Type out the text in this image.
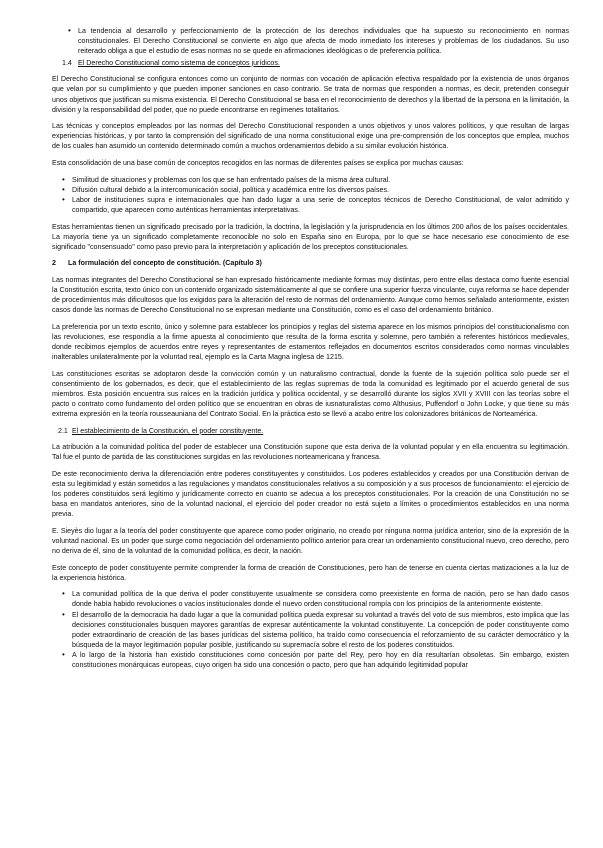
• La tendencia al desarrollo y perfeccionamiento de la protección de los derechos individuales que ha supuesto su reconocimiento en normas constitucionales. El Derecho Constitucional se convierte en algo que afecta de modo inmediato los intereses y problemas de los ciudadanos. Su uso reiterado obliga a que el estudio de esas normas no se quede en afirmaciones ideológicas o de preferencia política.
1.4 El Derecho Constitucional como sistema de conceptos jurídicos.

El Derecho Constitucional se configura entonces como un conjunto de normas con vocación de aplicación efectiva respaldado por la existencia de unos órganos que velan por su cumplimiento y que pueden imponer sanciones en caso contrario. Se trata de normas que responden a normas, es decir, pretenden conseguir unos objetivos que justifican su misma existencia. El Derecho Constitucional se basa en el reconocimiento de derechos y la libertad de la persona en la limitación, la división y la responsabilidad del poder, que no puede encontrarse en regímenes totalitarios.

Las técnicas y conceptos empleados por las normas del Derecho Constitucional responden a unos objetivos y unos valores políticos, y que resultan de largas experiencias históricas, y por tanto la comprensión del significado de una norma constitucional exige una pre-comprensión de los conceptos que emplea, muchos de los cuales han asumido un contenido determinado común a muchos ordenamientos debido a su similar evolución histórica.

Esta consolidación de una base común de conceptos recogidos en las normas de diferentes países se explica por muchas causas:

• Similitud de situaciones y problemas con los que se han enfrentado países de la misma área cultural.
• Difusión cultural debido a la intercomunicación social, política y académica entre los diversos países.
• Labor de instituciones supra e internacionales que han dado lugar a una serie de conceptos técnicos de Derecho Constitucional, de valor admitido y compartido, que aparecen como auténticas herramientas interpretativas.

Estas herramientas tienen un significado precisado por la tradición, la doctrina, la legislación y la jurisprudencia en los últimos 200 años de los países occidentales. La mayoría tiene ya un significado completamente reconocible no solo en España sino en Europa, por lo que se hace necesario ese conocimiento de ese significado "consensuado" como paso previo para la interpretación y aplicación de los preceptos constitucionales.

2 La formulación del concepto de constitución. (Capítulo 3)

Las normas integrantes del Derecho Constitucional se han expresado históricamente mediante formas muy distintas, pero entre ellas destaca como fuente esencial la Constitución escrita, texto único con un contenido organizado sistemáticamente al que se confiere una superior fuerza vinculante, cuya reforma se hace depender de procedimientos más dificultosos que los exigidos para la alteración del resto de normas del ordenamiento. Aunque como hemos señalado anteriormente, existen casos donde las normas de Derecho Constitucional no se expresan mediante una Constitución, como es el caso del ordenamiento británico.

La preferencia por un texto escrito, único y solemne para establecer los principios y reglas del sistema aparece en los mismos principios del constitucionalismo con las revoluciones, ese respondía a la firme apuesta al conocimiento que resulta de la forma escrita y solemne, pero también a referentes históricos medievales, donde recibimos ejemplos de acuerdos entre reyes y representantes de estamentos reflejados en documentos escritos considerados como normas vinculables inalterables unilateralmente por la voluntad real, ejemplo es la Carta Magna inglesa de 1215.

Las constituciones escritas se adoptaron desde la convicción común y un naturalismo contractual, donde la fuente de la sujeción política solo puede ser el consentimiento de los gobernados, es decir, que el establecimiento de las reglas supremas de toda la comunidad es legitimado por el acuerdo general de sus miembros. Esta posición encuentra sus raíces en la tradición jurídica y política occidental, y se desarrolló durante los siglos XVII y XVIII con las teorías sobre el pacto o contrato como fundamento del orden político que se encuentran en obras de iusnaturalistas como Althusius, Puffendorf o John Locke, y que tiene su más extrema expresión en la teoría rousseauniana del Contrato Social. En la práctica esto se llevó a acabo entre los colonizadores británicos de Norteamérica.

2.1 El establecimiento de la Constitución, el poder constituyente.

La atribución a la comunidad política del poder de establecer una Constitución supone que esta deriva de la voluntad popular y en ella encuentra su legitimación. Tal fue el punto de partida de las constituciones surgidas en las revoluciones norteamericana y francesa.

De este reconocimiento deriva la diferenciación entre poderes constituyentes y constituidos. Los poderes establecidos y creados por una Constitución derivan de esta su legitimidad y están sometidos a las regulaciones y mandatos constitucionales relativos a su composición y a sus procesos de funcionamiento: el ejercicio de los poderes constituidos será legítimo y jurídicamente correcto en cuanto se adecua a los preceptos constitucionales. Por la creación de una Constitución no se basa en mandatos anteriores, sino de la voluntad nacional, el ejercicio del poder creador no está sujeto a límites o procedimientos establecidos en una norma previa.

E. Sieyès dio lugar a la teoría del poder constituyente que aparece como poder originario, no creado por ninguna norma jurídica anterior, sino de la expresión de la voluntad nacional. Es un poder que surge como negociación del ordenamiento político anterior para crear un ordenamiento constitucional nuevo, creo derecho, pero no deriva de él, sino de la voluntad de la comunidad política, es decir, la nación.

Este concepto de poder constituyente permite comprender la forma de creación de Constituciones, pero han de tenerse en cuenta ciertas matizaciones a la luz de la experiencia histórica.

• La comunidad política de la que deriva el poder constituyente usualmente se considera como preexistente en forma de nación, pero se han dado casos donde había habido revoluciones o vacíos institucionales donde el nuevo orden constitucional rompía con los principios de la anteriormente existente.
• El desarrollo de la democracia ha dado lugar a que la comunidad política pueda expresar su voluntad a través del voto de sus miembros, esto implica que las decisiones constitucionales busquen mayores garantías de expresar auténticamente la voluntad constituyente. La concepción de poder constituyente como poder extraordinario de creación de las bases jurídicas del sistema político, ha traído como consecuencia el reforzamiento de su carácter democrático y la búsqueda de la mayor legitimación popular posible, justificando su supremacía sobre el resto de los poderes constituidos.
• A lo largo de la historia han existido constituciones como concesión por parte del Rey, pero hoy en día resultarían obsoletas. Sin embargo, existen constituciones monárquicas europeas, cuyo origen ha sido una concesión o pacto, pero que han adquirido legitimidad popular
